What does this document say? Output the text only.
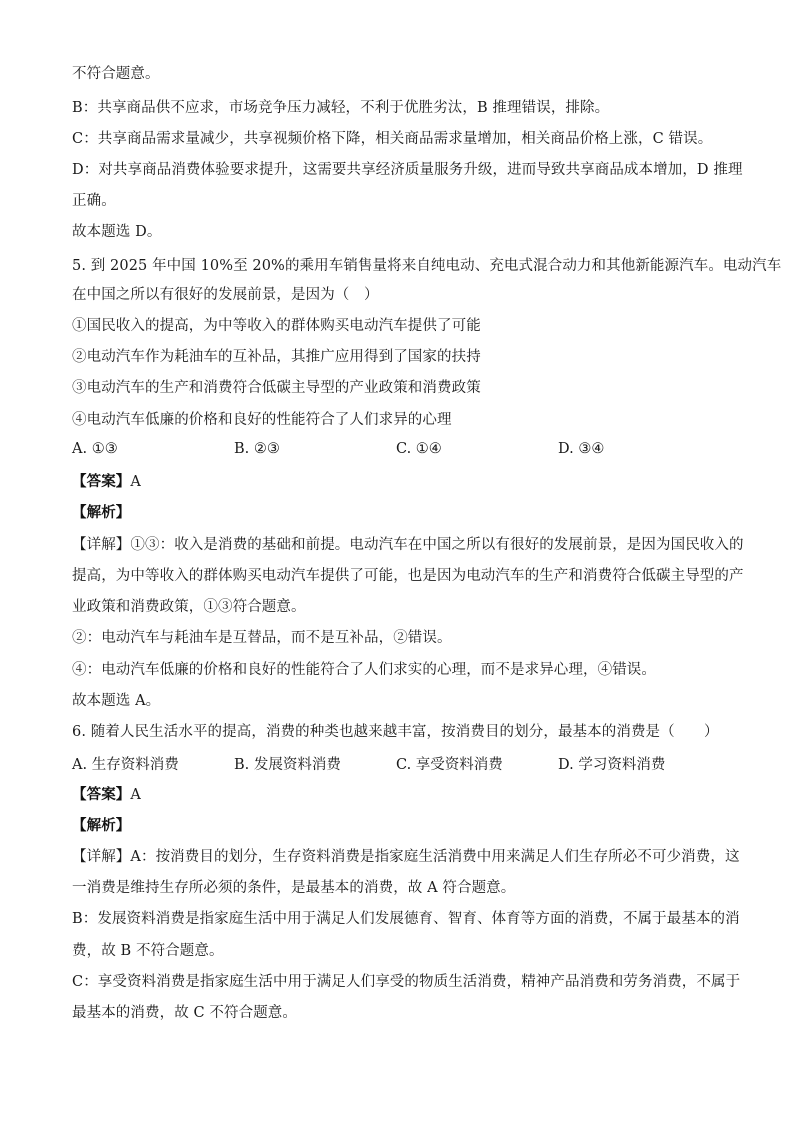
不符合题意。
B：共享商品供不应求，市场竞争压力减轻，不利于优胜劣汰，B 推理错误，排除。
C：共享商品需求量减少，共享视频价格下降，相关商品需求量增加，相关商品价格上涨，C 错误。
D：对共享商品消费体验要求提升，这需要共享经济质量服务升级，进而导致共享商品成本增加，D 推理
正确。
故本题选 D。
5. 到 2025 年中国 10%至 20%的乘用车销售量将来自纯电动、充电式混合动力和其他新能源汽车。电动汽车
在中国之所以有很好的发展前景，是因为（　）
①国民收入的提高，为中等收入的群体购买电动汽车提供了可能
②电动汽车作为耗油车的互补品，其推广应用得到了国家的扶持
③电动汽车的生产和消费符合低碳主导型的产业政策和消费政策
④电动汽车低廉的价格和良好的性能符合了人们求异的心理
A. ①③	B. ②③	C. ①④	D. ③④
【答案】A
【解析】
【详解】①③：收入是消费的基础和前提。电动汽车在中国之所以有很好的发展前景，是因为国民收入的
提高，为中等收入的群体购买电动汽车提供了可能，也是因为电动汽车的生产和消费符合低碳主导型的产
业政策和消费政策，①③符合题意。
②：电动汽车与耗油车是互替品，而不是互补品，②错误。
④：电动汽车低廉的价格和良好的性能符合了人们求实的心理，而不是求异心理，④错误。
故本题选 A。
6. 随着人民生活水平的提高，消费的种类也越来越丰富，按消费目的划分，最基本的消费是（　　）
A. 生存资料消费	B. 发展资料消费	C. 享受资料消费	D. 学习资料消费
【答案】A
【解析】
【详解】A：按消费目的划分，生存资料消费是指家庭生活消费中用来满足人们生存所必不可少消费，这
一消费是维持生存所必须的条件，是最基本的消费，故 A 符合题意。
B：发展资料消费是指家庭生活中用于满足人们发展德育、智育、体育等方面的消费，不属于最基本的消
费，故 B 不符合题意。
C：享受资料消费是指家庭生活中用于满足人们享受的物质生活消费，精神产品消费和劳务消费，不属于
最基本的消费，故 C 不符合题意。
